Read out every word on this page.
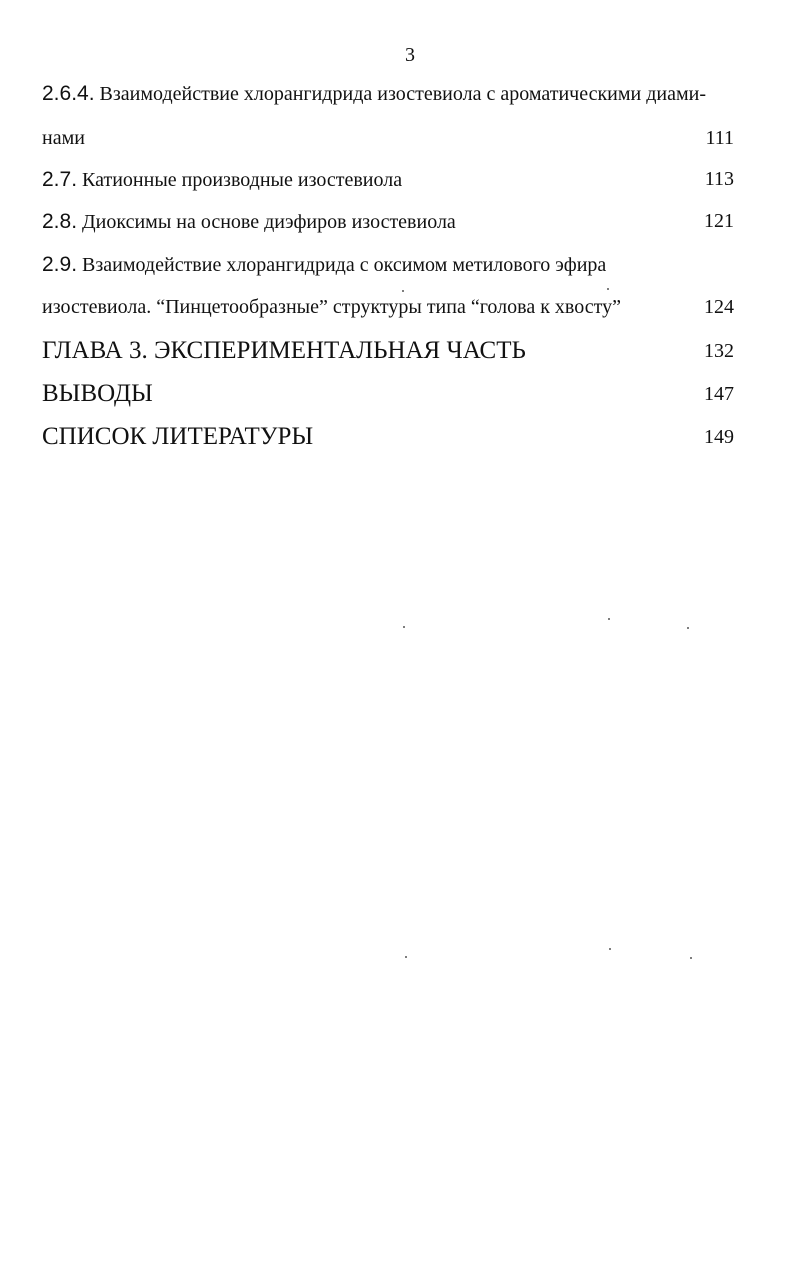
3
2.6.4. Взаимодействие хлорангидрида изостевиола с ароматическими диами-
нами	111
2.7. Катионные производные изостевиола	113
2.8. Диоксимы на основе диэфиров изостевиола	121
2.9. Взаимодействие хлорангидрида с оксимом метилового эфира
изостевиола. “Пинцетообразные” структуры типа “голова к хвосту”	124
ГЛАВА 3. ЭКСПЕРИМЕНТАЛЬНАЯ ЧАСТЬ	132
ВЫВОДЫ	147
СПИСОК ЛИТЕРАТУРЫ	149
